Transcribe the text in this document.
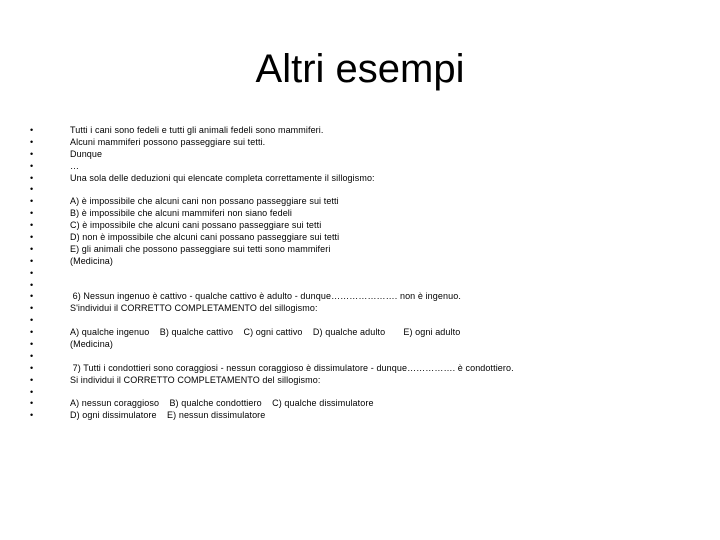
Altri esempi
•	Tutti i cani sono fedeli e tutti gli animali fedeli sono mammiferi.
•	Alcuni mammiferi possono passeggiare sui tetti.
•	Dunque
•	…
•	Una sola delle deduzioni qui elencate completa correttamente il sillogismo:
•
•	A) è impossibile che alcuni cani non possano passeggiare sui tetti
•	B) è impossibile che alcuni mammiferi non siano fedeli
•	C) è impossibile che alcuni cani possano passeggiare sui tetti
•	D) non è impossibile che alcuni cani possano passeggiare sui tetti
•	E) gli animali che possono passeggiare sui tetti sono mammiferi
•	(Medicina)
•
•
•	6) Nessun ingenuo è cattivo - qualche cattivo è adulto - dunque…………………. non è ingenuo.
•	S'individui il CORRETTO COMPLETAMENTO del sillogismo:
•
•	A) qualche ingenuo    B) qualche cattivo    C) ogni cattivo    D) qualche adulto       E) ogni adulto
•	(Medicina)
•
•	7) Tutti i condottieri sono coraggiosi - nessun coraggioso è dissimulatore - dunque……………. è condottiero.
•	Si individui il CORRETTO COMPLETAMENTO del sillogismo:
•
•	A) nessun coraggioso    B) qualche condottiero    C) qualche dissimulatore
•	D) ogni dissimulatore    E) nessun dissimulatore
